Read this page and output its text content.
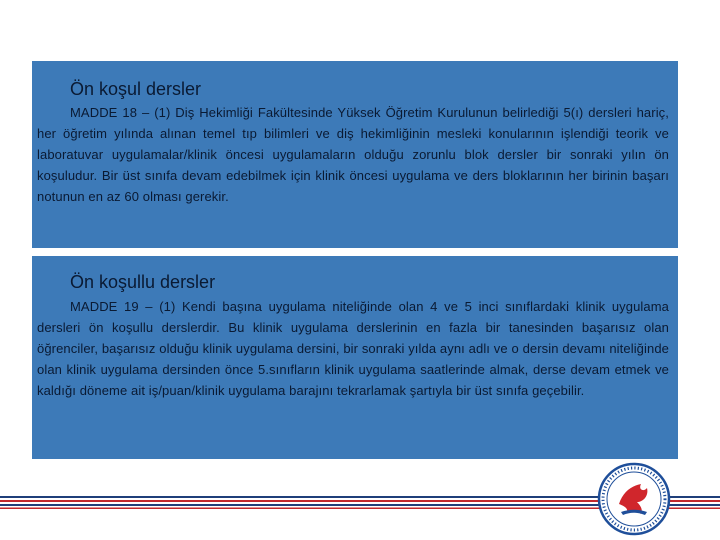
Ön koşul dersler

MADDE 18 – (1) Diş Hekimliği Fakültesinde Yüksek Öğretim Kurulunun belirlediği 5(ı) dersleri hariç, her öğretim yılında alınan temel tıp bilimleri ve diş hekimliğinin mesleki konularının işlendiği teorik ve laboratuvar uygulamalar/klinik öncesi uygulamaların olduğu zorunlu blok dersler bir sonraki yılın ön koşuludur. Bir üst sınıfa devam edebilmek için klinik öncesi uygulama ve ders bloklarının her birinin başarı notunun en az 60 olması gerekir.

Ön koşullu dersler

MADDE 19 – (1) Kendi başına uygulama niteliğinde olan 4 ve 5 inci sınıflardaki klinik uygulama dersleri ön koşullu derslerdir. Bu klinik uygulama derslerinin en fazla bir tanesinden başarısız olan öğrenciler, başarısız olduğu klinik uygulama dersini, bir sonraki yılda aynı adlı ve o dersin devamı niteliğinde olan klinik uygulama dersinden önce 5.sınıfların klinik uygulama saatlerinde almak, derse devam etmek ve kaldığı döneme ait iş/puan/klinik uygulama barajını tekrarlamak şartıyla bir üst sınıfa geçebilir.
